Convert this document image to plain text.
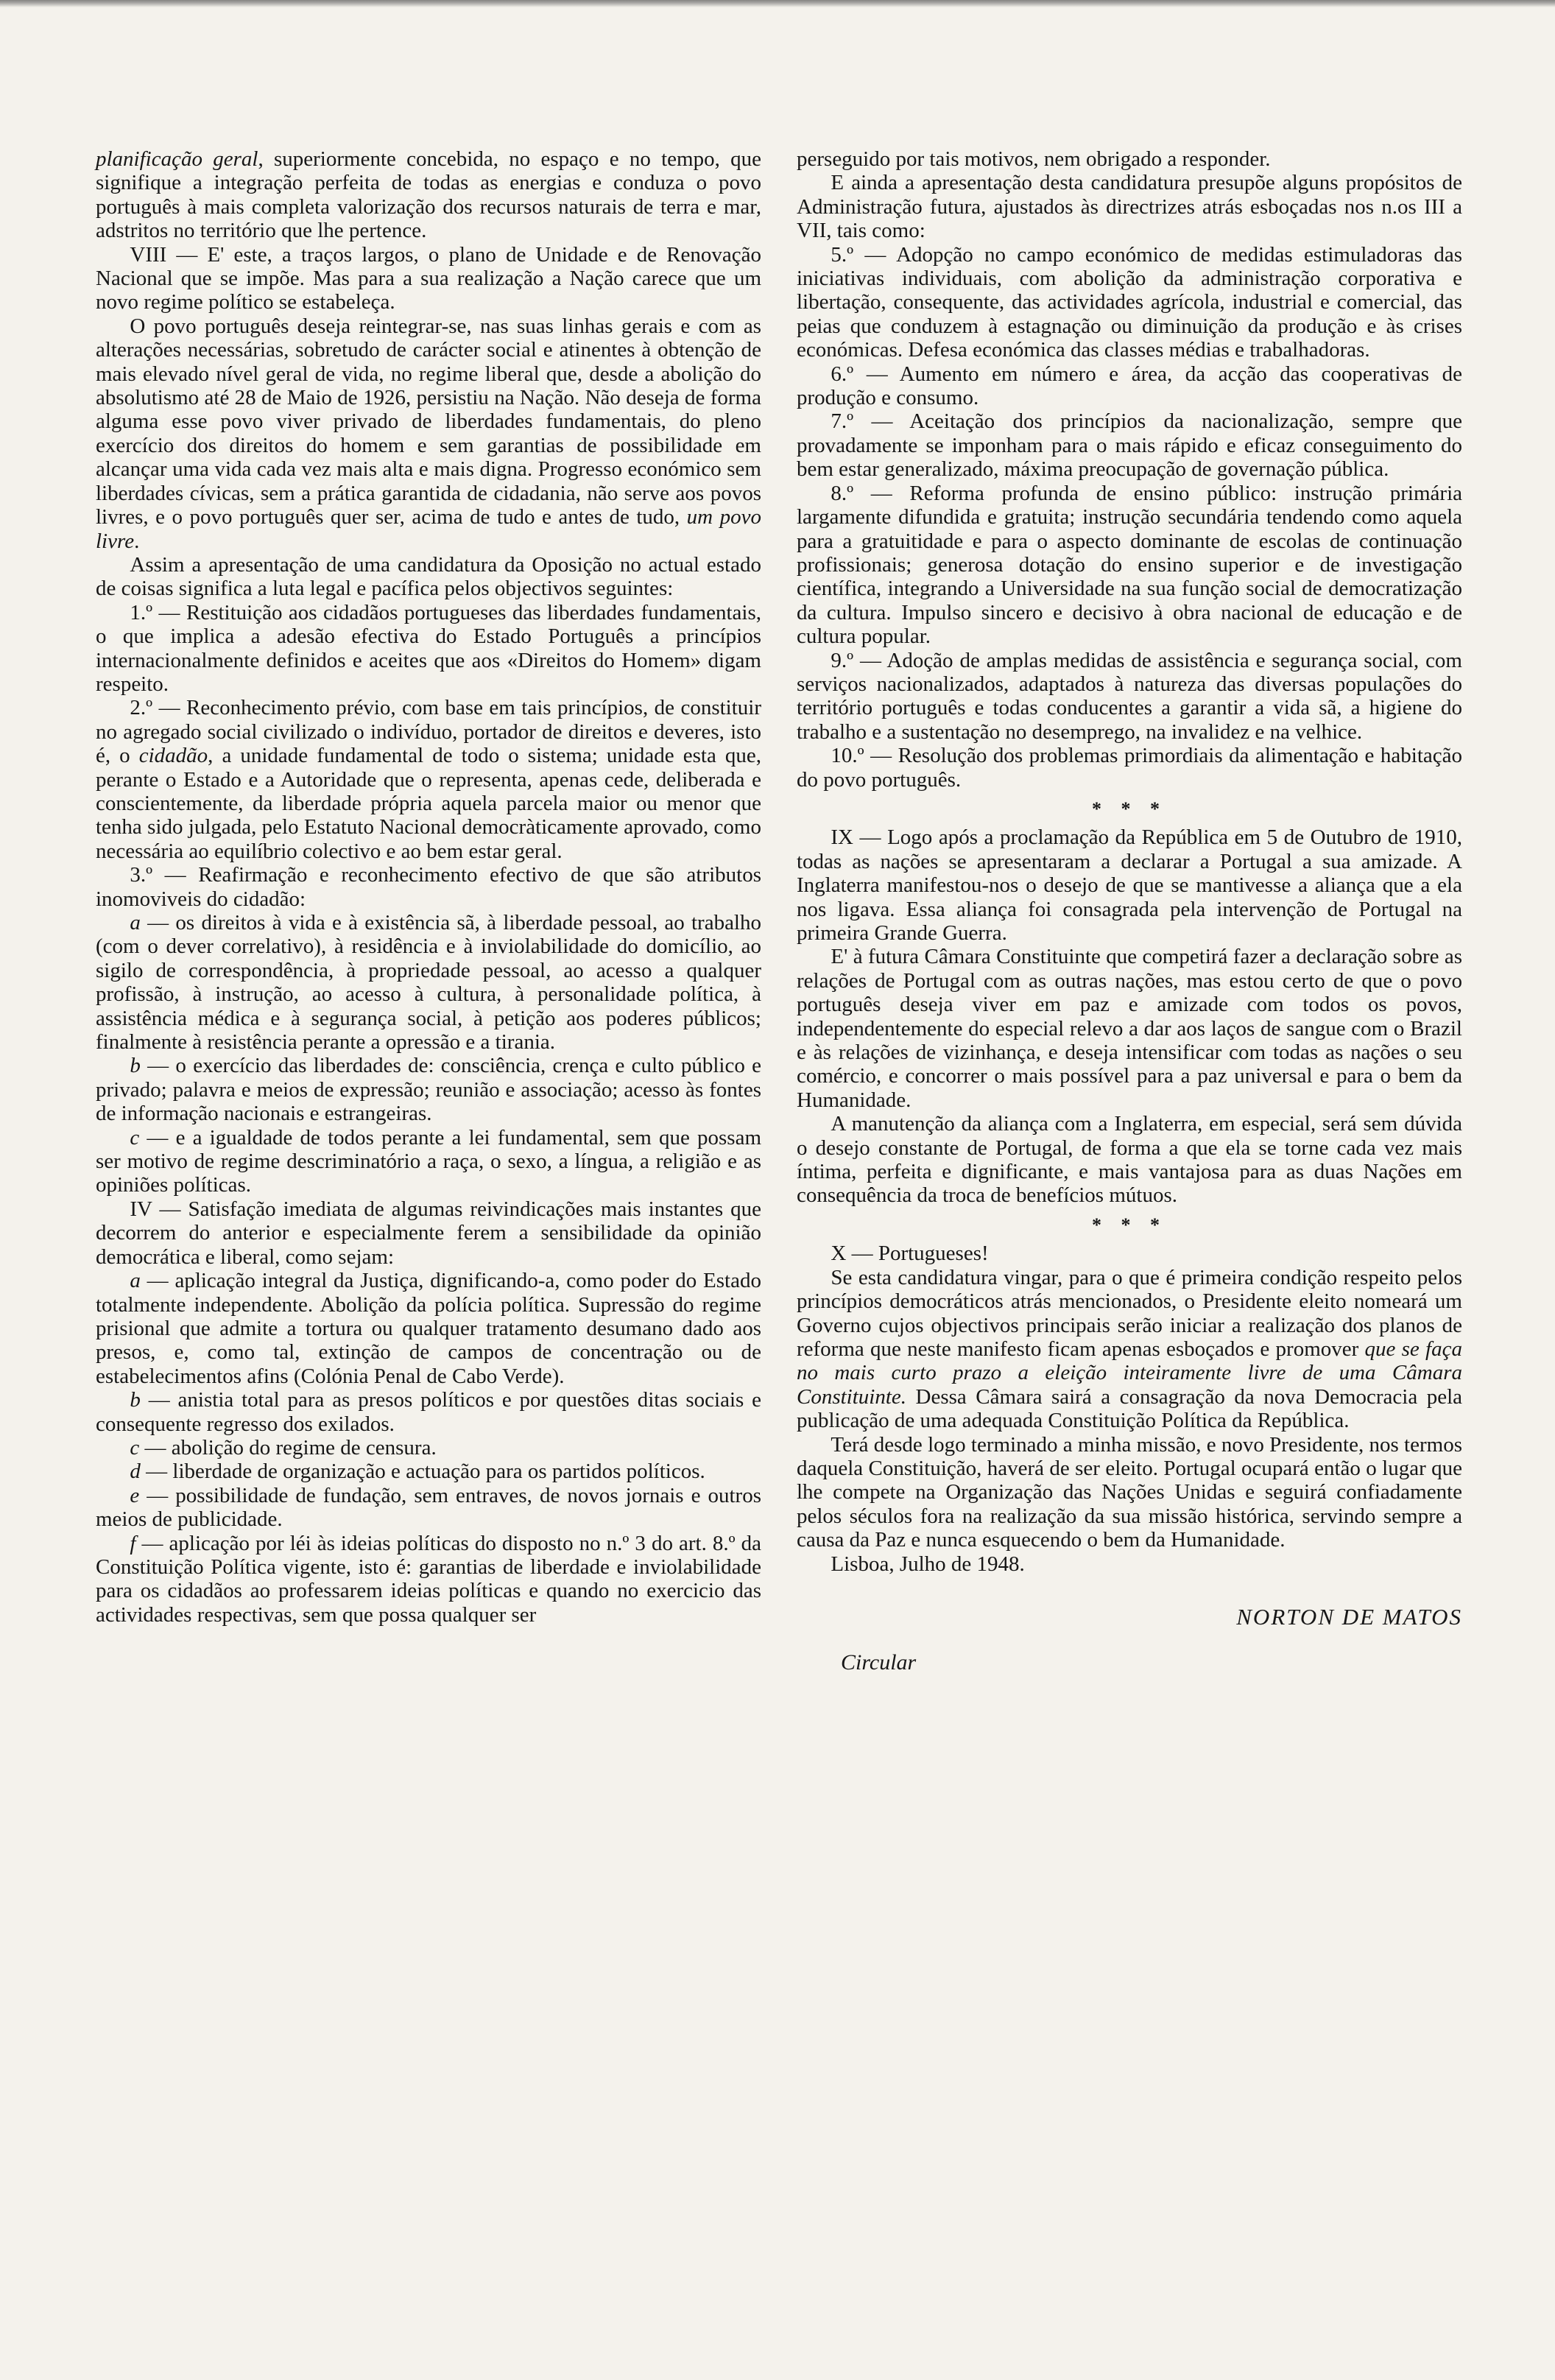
planificação geral, superiormente concebida, no espaço e no tempo, que signifique a integração perfeita de todas as energias e conduza o povo português à mais completa valorização dos recursos naturais de terra e mar, adstritos no território que lhe pertence.

VIII — E' este, a traços largos, o plano de Unidade e de Renovação Nacional que se impõe. Mas para a sua realização a Nação carece que um novo regime político se estabeleça.

O povo português deseja reintegrar-se, nas suas linhas gerais e com as alterações necessárias, sobretudo de carácter social e atinentes à obtenção de mais elevado nível geral de vida, no regime liberal que, desde a abolição do absolutismo até 28 de Maio de 1926, persistiu na Nação. Não deseja de forma alguma esse povo viver privado de liberdades fundamentais, do pleno exercício dos direitos do homem e sem garantias de possibilidade em alcançar uma vida cada vez mais alta e mais digna. Progresso económico sem liberdades cívicas, sem a prática garantida de cidadania, não serve aos povos livres, e o povo português quer ser, acima de tudo e antes de tudo, um povo livre.

Assim a apresentação de uma candidatura da Oposição no actual estado de coisas significa a luta legal e pacífica pelos objectivos seguintes:

1.º — Restituição aos cidadãos portugueses das liberdades fundamentais, o que implica a adesão efectiva do Estado Português a princípios internacionalmente definidos e aceites que aos «Direitos do Homem» digam respeito.

2.º — Reconhecimento prévio, com base em tais princípios, de constituir no agregado social civilizado o indivíduo, portador de direitos e deveres, isto é, o cidadão, a unidade fundamental de todo o sistema; unidade esta que, perante o Estado e a Autoridade que o representa, apenas cede, deliberada e conscientemente, da liberdade própria aquela parcela maior ou menor que tenha sido julgada, pelo Estatuto Nacional democràticamente aprovado, como necessária ao equilíbrio colectivo e ao bem estar geral.

3.º — Reafirmação e reconhecimento efectivo de que são atributos inomoviveis do cidadão:

a — os direitos à vida e à existência sã, à liberdade pessoal, ao trabalho (com o dever correlativo), à residência e à inviolabilidade do domicílio, ao sigilo de correspondência, à propriedade pessoal, ao acesso a qualquer profissão, à instrução, ao acesso à cultura, à personalidade política, à assistência médica e à segurança social, à petição aos poderes públicos; finalmente à resistência perante a opressão e a tirania.

b — o exercício das liberdades de: consciência, crença e culto público e privado; palavra e meios de expressão; reunião e associação; acesso às fontes de informação nacionais e estrangeiras.

c — e a igualdade de todos perante a lei fundamental, sem que possam ser motivo de regime descriminatório a raça, o sexo, a língua, a religião e as opiniões políticas.

IV — Satisfação imediata de algumas reivindicações mais instantes que decorrem do anterior e especialmente ferem a sensibilidade da opinião democrática e liberal, como sejam:

a — aplicação integral da Justiça, dignificando-a, como poder do Estado totalmente independente. Abolição da polícia política. Supressão do regime prisional que admite a tortura ou qualquer tratamento desumano dado aos presos, e, como tal, extinção de campos de concentração ou de estabelecimentos afins (Colónia Penal de Cabo Verde).

b — anistia total para as presos políticos e por questões ditas sociais e consequente regresso dos exilados.

c — abolição do regime de censura.

d — liberdade de organização e actuação para os partidos políticos.

e — possibilidade de fundação, sem entraves, de novos jornais e outros meios de publicidade.

f — aplicação por léi às ideias políticas do disposto no n.º 3 do art. 8.º da Constituição Política vigente, isto é: garantias de liberdade e inviolabilidade para os cidadãos ao professarem ideias políticas e quando no exercicio das actividades respectivas, sem que possa qualquer ser

perseguido por tais motivos, nem obrigado a responder.

E ainda a apresentação desta candidatura presupõe alguns propósitos de Administração futura, ajustados às directrizes atrás esboçadas nos n.os III a VII, tais como:

5.º — Adopção no campo económico de medidas estimuladoras das iniciativas individuais, com abolição da administração corporativa e libertação, consequente, das actividades agrícola, industrial e comercial, das peias que conduzem à estagnação ou diminuição da produção e às crises económicas. Defesa económica das classes médias e trabalhadoras.

6.º — Aumento em número e área, da acção das cooperativas de produção e consumo.

7.º — Aceitação dos princípios da nacionalização, sempre que provadamente se imponham para o mais rápido e eficaz conseguimento do bem estar generalizado, máxima preocupação de governação pública.

8.º — Reforma profunda de ensino público: instrução primária largamente difundida e gratuita; instrução secundária tendendo como aquela para a gratuitidade e para o aspecto dominante de escolas de continuação profissionais; generosa dotação do ensino superior e de investigação científica, integrando a Universidade na sua função social de democratização da cultura. Impulso sincero e decisivo à obra nacional de educação e de cultura popular.

9.º — Adoção de amplas medidas de assistência e segurança social, com serviços nacionalizados, adaptados à natureza das diversas populações do território português e todas conducentes a garantir a vida sã, a higiene do trabalho e a sustentação no desemprego, na invalidez e na velhice.

10.º — Resolução dos problemas primordiais da alimentação e habitação do povo português.

* * *

IX — Logo após a proclamação da República em 5 de Outubro de 1910, todas as nações se apresentaram a declarar a Portugal a sua amizade. A Inglaterra manifestou-nos o desejo de que se mantivesse a aliança que a ela nos ligava. Essa aliança foi consagrada pela intervenção de Portugal na primeira Grande Guerra.

E' à futura Câmara Constituinte que competirá fazer a declaração sobre as relações de Portugal com as outras nações, mas estou certo de que o povo português deseja viver em paz e amizade com todos os povos, independentemente do especial relevo a dar aos laços de sangue com o Brazil e às relações de vizinhança, e deseja intensificar com todas as nações o seu comércio, e concorrer o mais possível para a paz universal e para o bem da Humanidade.

A manutenção da aliança com a Inglaterra, em especial, será sem dúvida o desejo constante de Portugal, de forma a que ela se torne cada vez mais íntima, perfeita e dignificante, e mais vantajosa para as duas Nações em consequência da troca de benefícios mútuos.

* * *

X — Portugueses!

Se esta candidatura vingar, para o que é primeira condição respeito pelos princípios democráticos atrás mencionados, o Presidente eleito nomeará um Governo cujos objectivos principais serão iniciar a realização dos planos de reforma que neste manifesto ficam apenas esboçados e promover que se faça no mais curto prazo a eleição inteiramente livre de uma Câmara Constituinte. Dessa Câmara sairá a consagração da nova Democracia pela publicação de uma adequada Constituição Política da República.

Terá desde logo terminado a minha missão, e novo Presidente, nos termos daquela Constituição, haverá de ser eleito. Portugal ocupará então o lugar que lhe compete na Organização das Nações Unidas e seguirá confiadamente pelos séculos fora na realização da sua missão histórica, servindo sempre a causa da Paz e nunca esquecendo o bem da Humanidade.

Lisboa, Julho de 1948.

NORTON DE MATOS
Circular
